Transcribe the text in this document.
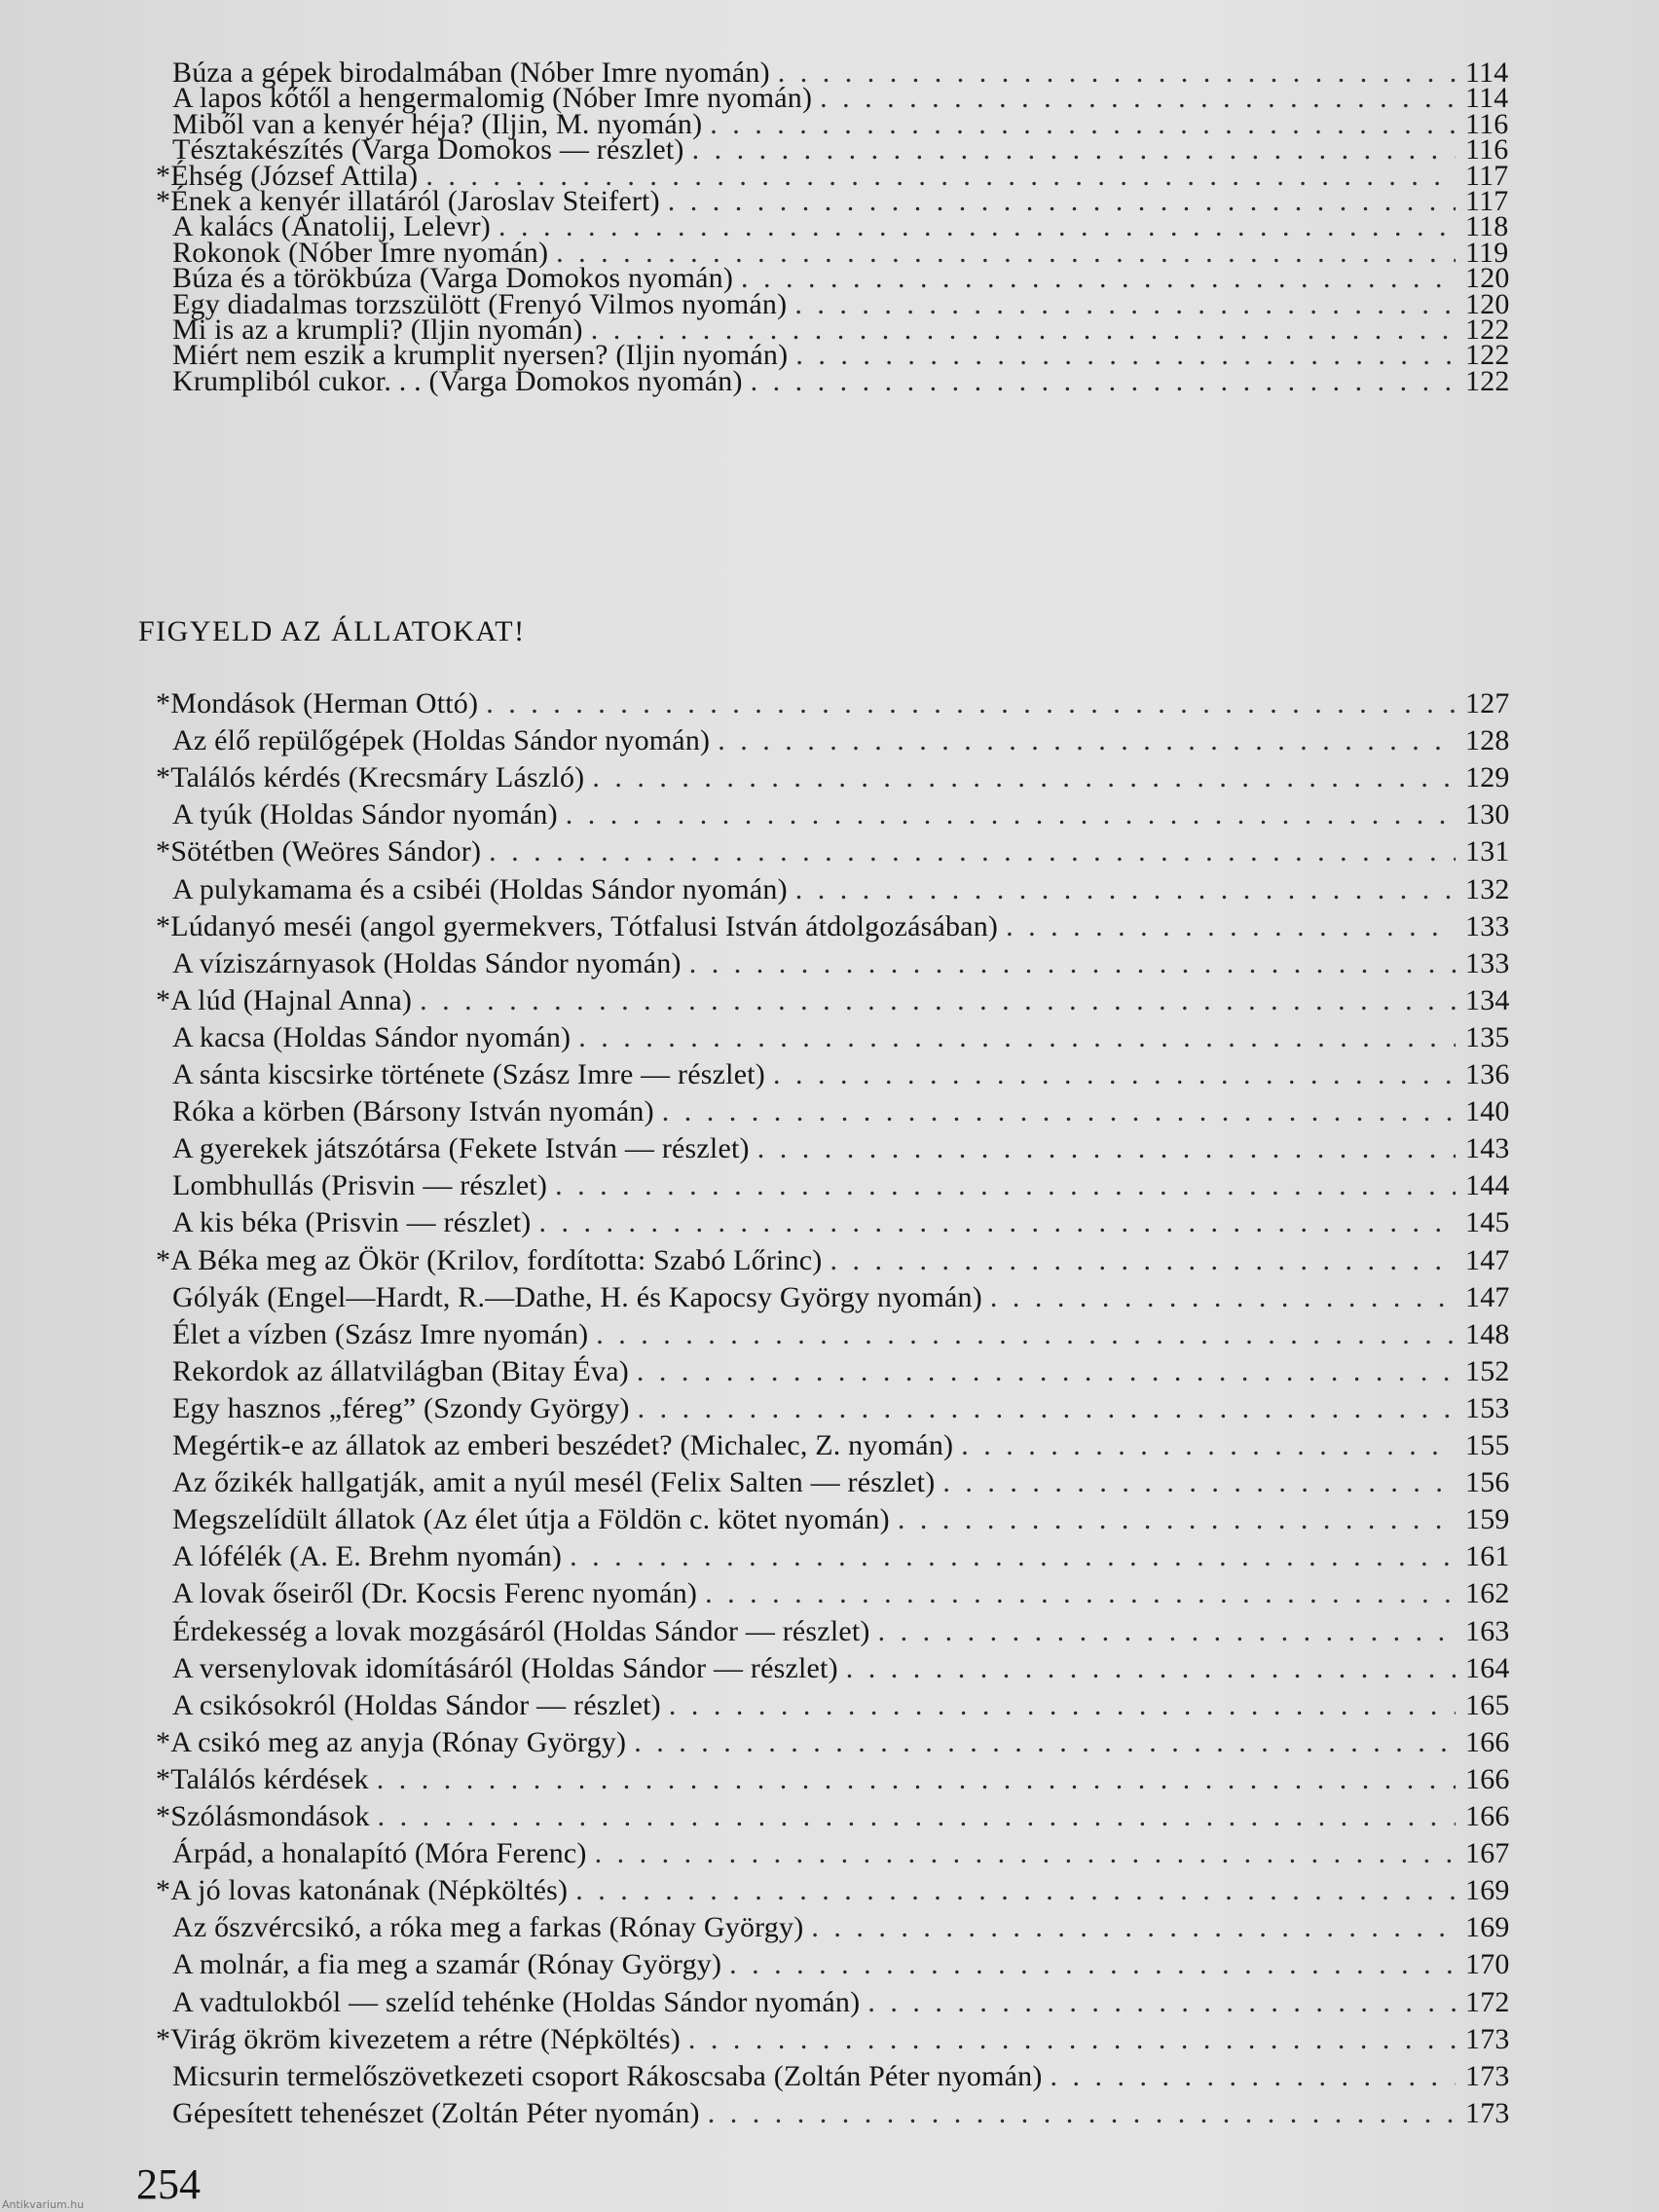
Búza a gépek birodalmában (Nóber Imre nyomán) . . .	114
A lapos kőtől a hengermalomig (Nóber Imre nyomán) . . .	114
Miből van a kenyér héja? (Iljin, M. nyomán) . . .	116
Tésztakészítés (Varga Domokos — részlet) . . .	116
*Éhség (József Attila) . . .	117
*Ének a kenyér illatáról (Jaroslav Steifert) . . .	117
A kalács (Anatolij, Lelevr) . . .	118
Rokonok (Nóber Imre nyomán) . . .	119
Búza és a törökbúza (Varga Domokos nyomán) . . .	120
Egy diadalmas torzszülött (Frenyó Vilmos nyomán) . . .	120
Mi is az a krumpli? (Iljin nyomán) . . .	122
Miért nem eszik a krumplit nyersen? (Iljin nyomán) . . .	122
Krumpliból cukor. . . (Varga Domokos nyomán) . . .	122
*Mondások (Herman Ottó) . . .	127
Az élő repülőgépek (Holdas Sándor nyomán) . . .	128
*Találós kérdés (Krecsmáry László) . . .	129
A tyúk (Holdas Sándor nyomán) . . .	130
*Sötétben (Weöres Sándor) . . .	131
A pulykamama és a csibéi (Holdas Sándor nyomán) . . .	132
*Lúdanyó meséi (angol gyermekvers, Tótfalusi István átdolgozásában) . . .	133
A víziszárnyasok (Holdas Sándor nyomán) . . .	133
*A lúd (Hajnal Anna) . . .	134
A kacsa (Holdas Sándor nyomán) . . .	135
A sánta kiscsirke története (Szász Imre — részlet) . . .	136
Róka a körben (Bársony István nyomán) . . .	140
A gyerekek játszótársa (Fekete István — részlet) . . .	143
Lombhullás (Prisvin — részlet) . . .	144
A kis béka (Prisvin — részlet) . . .	145
*A Béka meg az Ökör (Krilov, fordította: Szabó Lőrinc) . . .	147
Gólyák (Engel—Hardt, R.—Dathe, H. és Kapocsy György nyomán) . . .	147
Élet a vízben (Szász Imre nyomán) . . .	148
Rekordok az állatvilágban (Bitay Éva) . . .	152
Egy hasznos „féreg” (Szondy György) . . .	153
Megértik-e az állatok az emberi beszédet? (Michalec, Z. nyomán) . . .	155
Az őzikék hallgatják, amit a nyúl mesél (Felix Salten — részlet) . . .	156
Megszelídült állatok (Az élet útja a Földön c. kötet nyomán) . . .	159
A lófélék (A. E. Brehm nyomán) . . .	161
A lovak őseiről (Dr. Kocsis Ferenc nyomán) . . .	162
Érdekesség a lovak mozgásáról (Holdas Sándor — részlet) . . .	163
A versenylovak idomításáról (Holdas Sándor — részlet) . . .	164
A csikósokról (Holdas Sándor — részlet) . . .	165
*A csikó meg az anyja (Rónay György) . . .	166
*Találós kérdések . . .	166
*Szólásmondások . . .	166
Árpád, a honalapító (Móra Ferenc) . . .	167
*A jó lovas katonának (Népköltés) . . .	169
Az őszvércsikó, a róka meg a farkas (Rónay György) . . .	169
A molnár, a fia meg a szamár (Rónay György) . . .	170
A vadtulokból — szelíd tehénke (Holdas Sándor nyomán) . . .	172
*Virág ökröm kivezetem a rétre (Népköltés) . . .	173
Micsurin termelőszövetkezeti csoport Rákoscsaba (Zoltán Péter nyomán) . . .	173
Gépesített tehenészet (Zoltán Péter nyomán) . . .	173
FIGYELD AZ ÁLLATOKAT!
254
Antikvarium.hu
